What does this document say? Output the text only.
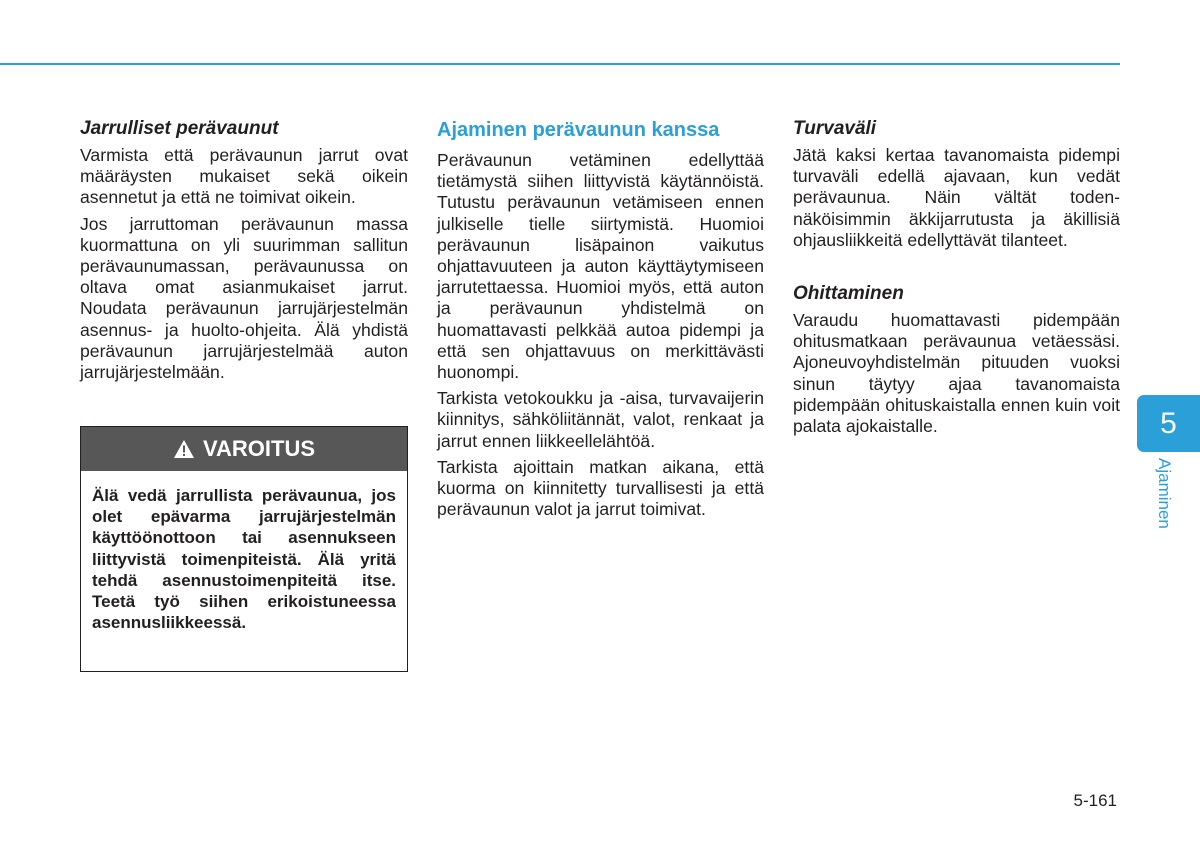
Jarrulliset perävaunut

Varmista että perävaunun jarrut ovat määräysten mukaiset sekä oikein asennetut ja että ne toimivat oikein.

Jos jarruttoman perävaunun massa kuormattuna on yli suurimman sallitun perävaunumassan, perävaunussa on oltava omat asianmukaiset jarrut. Noudata perävaunun jarrujärjestelmän asennus- ja huolto-ohjeita. Älä yhdistä perävaunun jarrujärjestelmää auton jarrujärjestelmään.

VAROITUS
Älä vedä jarrullista perävaunua, jos olet epävarma jarrujärjestelmän käyttöönottoon tai asennukseen liittyvistä toimenpiteistä. Älä yritä tehdä asennustoimenpiteitä itse. Teetä työ siihen erikoistuneessa asennusliikkeessä.
Ajaminen perävaunun kanssa

Perävaunun vetäminen edellyttää tietämystä siihen liittyvistä käytännöistä. Tutustu perävaunun vetämiseen ennen julkiselle tielle siirtymistä. Huomioi perävaunun lisäpainon vaikutus ohjattavuuteen ja auton käyttäytymiseen jarrutettaessa. Huomioi myös, että auton ja perävaunun yhdistelmä on huomattavasti pelkkää autoa pidempi ja että sen ohjattavuus on merkittävästi huonompi.

Tarkista vetokoukku ja -aisa, turvavaijerin kiinnitys, sähköliitännät, valot, renkaat ja jarrut ennen liikkeellelähtöä.

Tarkista ajoittain matkan aikana, että kuorma on kiinnitetty turvallisesti ja että perävaunun valot ja jarrut toimivat.

Turvaväli

Jätä kaksi kertaa tavanomaista pidempi turvaväli edellä ajavaan, kun vedät perävaunua. Näin vältät todennäköisimmin äkkijarrutusta ja äkillisiä ohjausliikkeitä edellyttävät tilanteet.

Ohittaminen

Varaudu huomattavasti pidempään ohitusmatkaan perävaunua vetäessäsi. Ajoneuvoyhdistelmän pituuden vuoksi sinun täytyy ajaa tavanomaista pidempään ohituskaistalla ennen kuin voit palata ajokaistalle.	5
Ajaminen
5-161
